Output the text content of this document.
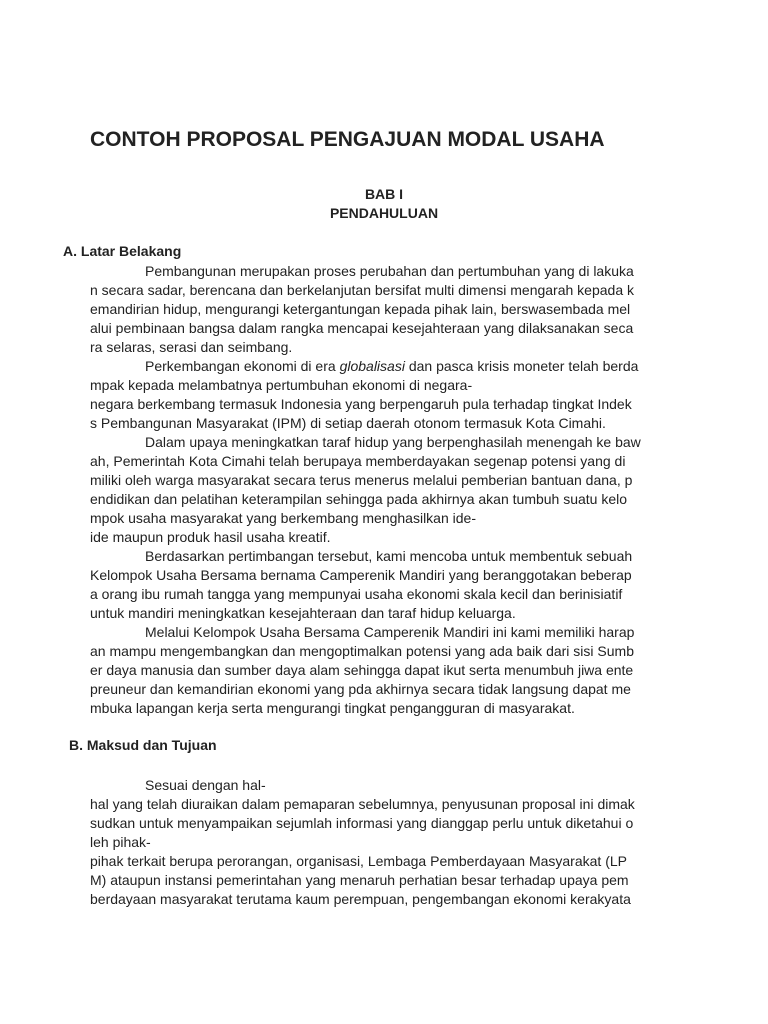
CONTOH PROPOSAL PENGAJUAN MODAL USAHA
BAB I
PENDAHULUAN
A. Latar Belakang
Pembangunan merupakan proses perubahan dan pertumbuhan yang di lakuka
n secara sadar, berencana dan berkelanjutan bersifat multi dimensi mengarah kepada k
emandirian hidup, mengurangi ketergantungan kepada pihak lain, berswasembada mel
alui pembinaan bangsa dalam rangka mencapai kesejahteraan yang dilaksanakan seca
ra selaras, serasi dan seimbang.
Perkembangan ekonomi di era globalisasi dan pasca krisis moneter telah berda
mpak kepada melambatnya pertumbuhan ekonomi di negara-
negara berkembang termasuk Indonesia yang berpengaruh pula terhadap tingkat Indek
s Pembangunan Masyarakat (IPM) di setiap daerah otonom termasuk Kota Cimahi.
Dalam upaya meningkatkan taraf hidup yang berpenghasilah menengah ke baw
ah, Pemerintah Kota Cimahi telah berupaya memberdayakan segenap potensi yang di
miliki oleh warga masyarakat secara terus menerus melalui pemberian bantuan dana, p
endidikan dan pelatihan keterampilan sehingga pada akhirnya akan tumbuh suatu kelo
mpok usaha masyarakat yang berkembang menghasilkan ide-
ide maupun produk hasil usaha kreatif.
Berdasarkan pertimbangan tersebut, kami mencoba untuk membentuk sebuah
Kelompok Usaha Bersama bernama Camperenik Mandiri yang beranggotakan beberap
a orang ibu rumah tangga yang mempunyai usaha ekonomi skala kecil dan berinisiatif
untuk mandiri meningkatkan kesejahteraan dan taraf hidup keluarga.
Melalui Kelompok Usaha Bersama Camperenik Mandiri ini kami memiliki harap
an mampu mengembangkan dan mengoptimalkan potensi yang ada baik dari sisi Sumb
er daya manusia dan sumber daya alam sehingga dapat ikut serta menumbuh jiwa ente
preuneur dan kemandirian ekonomi yang pda akhirnya secara tidak langsung dapat me
mbuka lapangan kerja serta mengurangi tingkat pengangguran di masyarakat.
B. Maksud dan Tujuan
Sesuai dengan hal-
hal yang telah diuraikan dalam pemaparan sebelumnya, penyusunan proposal ini dimak
sudkan untuk menyampaikan sejumlah informasi yang dianggap perlu untuk diketahui o
leh pihak-
pihak terkait berupa perorangan, organisasi, Lembaga Pemberdayaan Masyarakat (LP
M) ataupun instansi pemerintahan yang menaruh perhatian besar terhadap upaya pem
berdayaan masyarakat terutama kaum perempuan, pengembangan ekonomi kerakyata
